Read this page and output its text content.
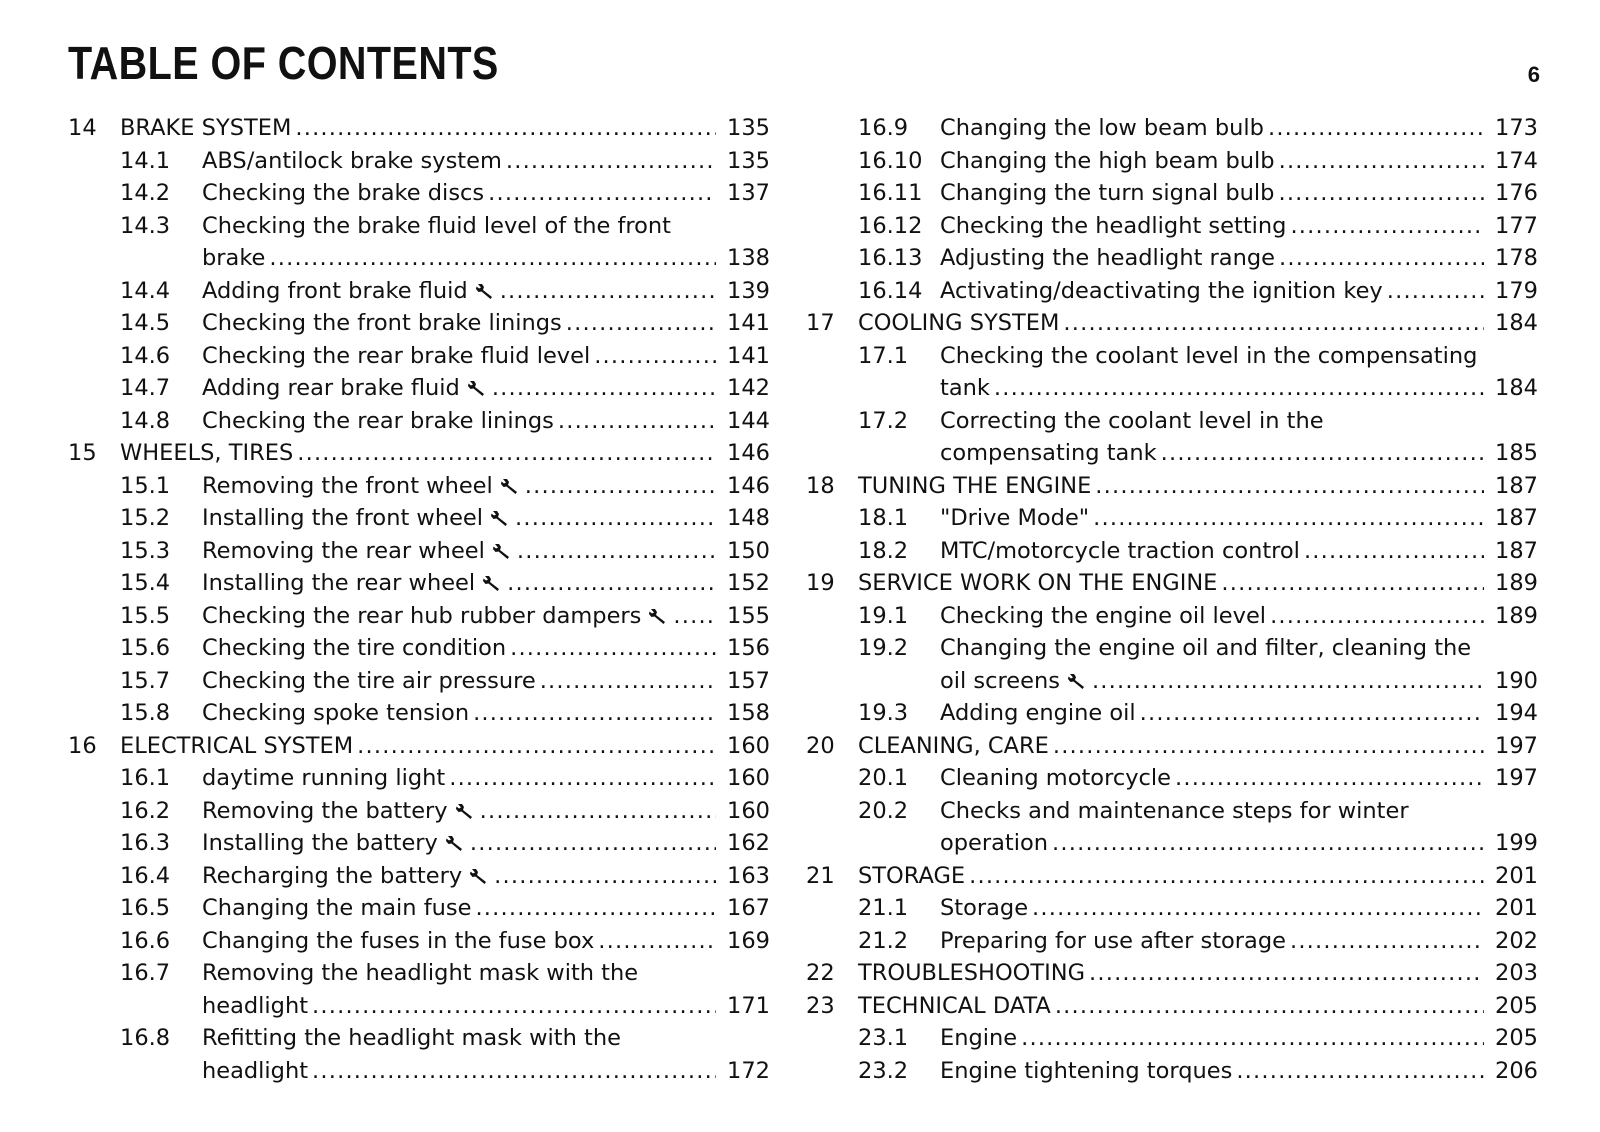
TABLE OF CONTENTS	6
14 BRAKE SYSTEM .....	135
14.1 ABS/antilock brake system .....	135
14.2 Checking the brake discs .....	137
14.3 Checking the brake fluid level of the front
brake .....	138
14.4 Adding front brake fluid .....	139
14.5 Checking the front brake linings .....	141
14.6 Checking the rear brake fluid level .....	141
14.7 Adding rear brake fluid .....	142
14.8 Checking the rear brake linings .....	144
15 WHEELS, TIRES .....	146
15.1 Removing the front wheel .....	146
15.2 Installing the front wheel .....	148
15.3 Removing the rear wheel .....	150
15.4 Installing the rear wheel .....	152
15.5 Checking the rear hub rubber dampers .....	155
15.6 Checking the tire condition .....	156
15.7 Checking the tire air pressure .....	157
15.8 Checking spoke tension .....	158
16 ELECTRICAL SYSTEM .....	160
16.1 daytime running light .....	160
16.2 Removing the battery .....	160
16.3 Installing the battery .....	162
16.4 Recharging the battery .....	163
16.5 Changing the main fuse .....	167
16.6 Changing the fuses in the fuse box .....	169
16.7 Removing the headlight mask with the
headlight .....	171
16.8 Refitting the headlight mask with the
headlight .....	172
16.9 Changing the low beam bulb .....	173
16.10 Changing the high beam bulb .....	174
16.11 Changing the turn signal bulb .....	176
16.12 Checking the headlight setting .....	177
16.13 Adjusting the headlight range .....	178
16.14 Activating/deactivating the ignition key .....	179
17 COOLING SYSTEM .....	184
17.1 Checking the coolant level in the compensating
tank .....	184
17.2 Correcting the coolant level in the
compensating tank .....	185
18 TUNING THE ENGINE .....	187
18.1 "Drive Mode" .....	187
18.2 MTC/motorcycle traction control .....	187
19 SERVICE WORK ON THE ENGINE .....	189
19.1 Checking the engine oil level .....	189
19.2 Changing the engine oil and filter, cleaning the
oil screens .....	190
19.3 Adding engine oil .....	194
20 CLEANING, CARE .....	197
20.1 Cleaning motorcycle .....	197
20.2 Checks and maintenance steps for winter
operation .....	199
21 STORAGE .....	201
21.1 Storage .....	201
21.2 Preparing for use after storage .....	202
22 TROUBLESHOOTING .....	203
23 TECHNICAL DATA .....	205
23.1 Engine .....	205
23.2 Engine tightening torques .....	206
